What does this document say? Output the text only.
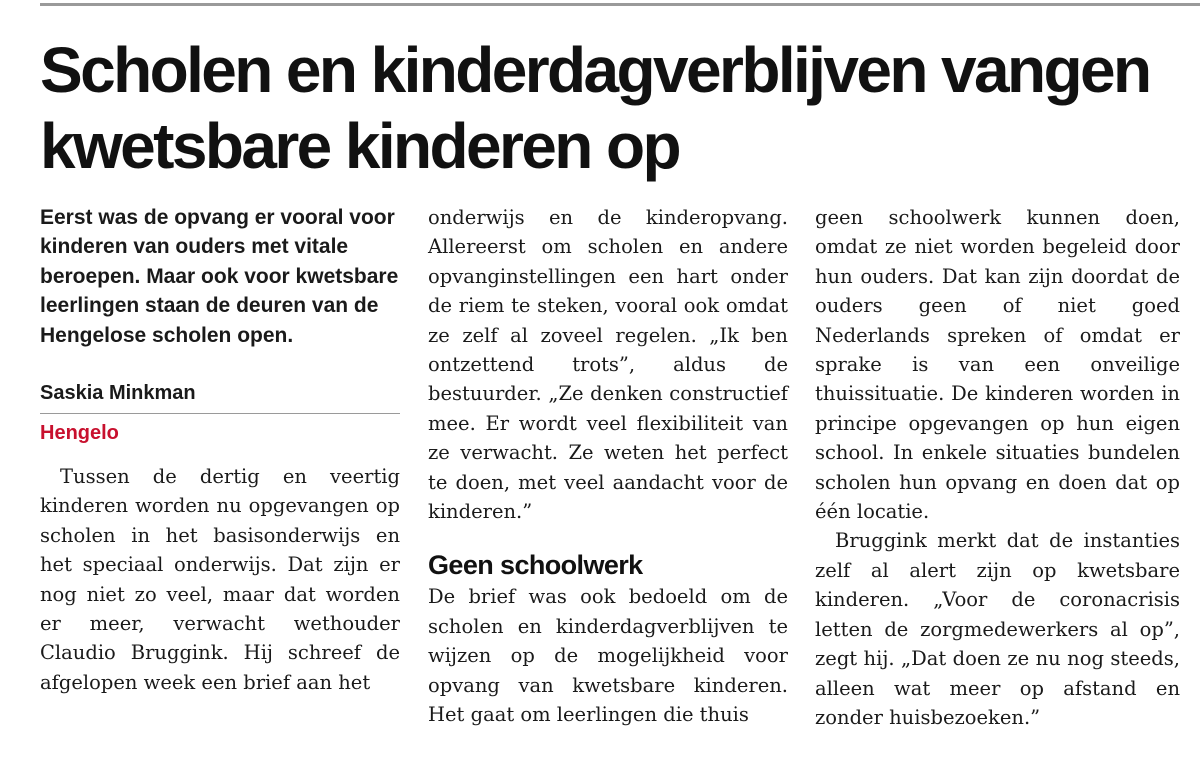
Scholen en kinderdagverblijven vangen kwetsbare kinderen op

Eerst was de opvang er vooral voor kinderen van ouders met vitale beroepen. Maar ook voor kwetsbare leerlingen staan de deuren van de Hengelose scholen open.

Saskia Minkman

Hengelo

Tussen de dertig en veertig kinderen worden nu opgevangen op scholen in het basisonderwijs en het speciaal onderwijs. Dat zijn er nog niet zo veel, maar dat worden er meer, verwacht wethouder Claudio Bruggink. Hij schreef de afgelopen week een brief aan het

onderwijs en de kinderopvang. Allereerst om scholen en andere opvanginstellingen een hart onder de riem te steken, vooral ook omdat ze zelf al zoveel regelen. „Ik ben ontzettend trots”, aldus de bestuurder. „Ze denken constructief mee. Er wordt veel flexibiliteit van ze verwacht. Ze weten het perfect te doen, met veel aandacht voor de kinderen.”

Geen schoolwerk

De brief was ook bedoeld om de scholen en kinderdagverblijven te wijzen op de mogelijkheid voor opvang van kwetsbare kinderen. Het gaat om leerlingen die thuis

geen schoolwerk kunnen doen, omdat ze niet worden begeleid door hun ouders. Dat kan zijn doordat de ouders geen of niet goed Nederlands spreken of omdat er sprake is van een onveilige thuissituatie. De kinderen worden in principe opgevangen op hun eigen school. In enkele situaties bundelen scholen hun opvang en doen dat op één locatie.

Bruggink merkt dat de instanties zelf al alert zijn op kwetsbare kinderen. „Voor de coronacrisis letten de zorgmedewerkers al op”, zegt hij. „Dat doen ze nu nog steeds, alleen wat meer op afstand en zonder huisbezoeken.”
